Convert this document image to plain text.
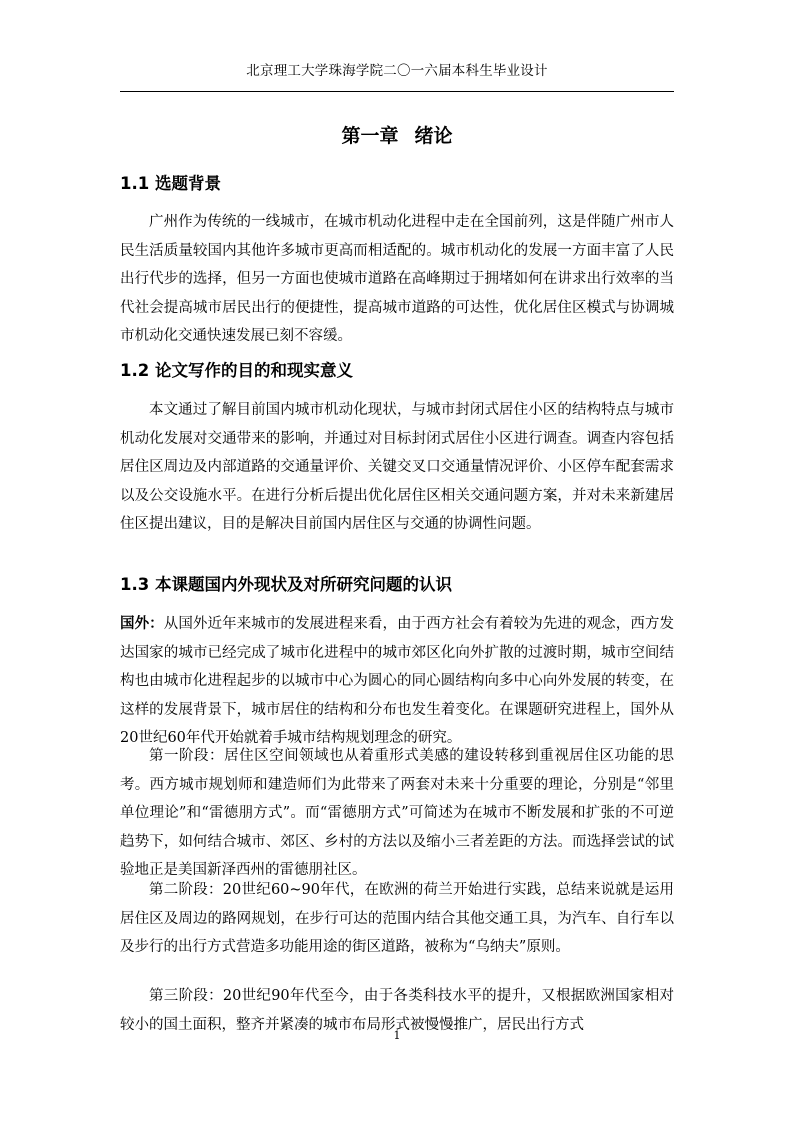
北京理工大学珠海学院二〇一六届本科生毕业设计
第一章 绪论
1.1 选题背景

广州作为传统的一线城市，在城市机动化进程中走在全国前列，这是伴随广州市人民生活质量较国内其他许多城市更高而相适配的。城市机动化的发展一方面丰富了人民出行代步的选择，但另一方面也使城市道路在高峰期过于拥堵如何在讲求出行效率的当代社会提高城市居民出行的便捷性，提高城市道路的可达性，优化居住区模式与协调城市机动化交通快速发展已刻不容缓。

1.2 论文写作的目的和现实意义

本文通过了解目前国内城市机动化现状，与城市封闭式居住小区的结构特点与城市机动化发展对交通带来的影响，并通过对目标封闭式居住小区进行调查。调查内容包括居住区周边及内部道路的交通量评价、关键交叉口交通量情况评价、小区停车配套需求以及公交设施水平。在进行分析后提出优化居住区相关交通问题方案，并对未来新建居住区提出建议，目的是解决目前国内居住区与交通的协调性问题。

1.3 本课题国内外现状及对所研究问题的认识

国外：从国外近年来城市的发展进程来看，由于西方社会有着较为先进的观念，西方发达国家的城市已经完成了城市化进程中的城市郊区化向外扩散的过渡时期，城市空间结构也由城市化进程起步的以城市中心为圆心的同心圆结构向多中心向外发展的转变，在这样的发展背景下，城市居住的结构和分布也发生着变化。在课题研究进程上，国外从20世纪60年代开始就着手城市结构规划理念的研究。

第一阶段：居住区空间领域也从着重形式美感的建设转移到重视居住区功能的思考。西方城市规划师和建造师们为此带来了两套对未来十分重要的理论，分别是“邻里单位理论”和“雷德朋方式”。而“雷德朋方式”可简述为在城市不断发展和扩张的不可逆趋势下，如何结合城市、郊区、乡村的方法以及缩小三者差距的方法。而选择尝试的试验地正是美国新泽西州的雷德朋社区。

第二阶段：20世纪60~90年代，在欧洲的荷兰开始进行实践，总结来说就是运用居住区及周边的路网规划，在步行可达的范围内结合其他交通工具，为汽车、自行车以及步行的出行方式营造多功能用途的街区道路，被称为“乌纳夫”原则。

第三阶段：20世纪90年代至今，由于各类科技水平的提升，又根据欧洲国家相对较小的国土面积，整齐并紧凑的城市布局形式被慢慢推广，居民出行方式

1
